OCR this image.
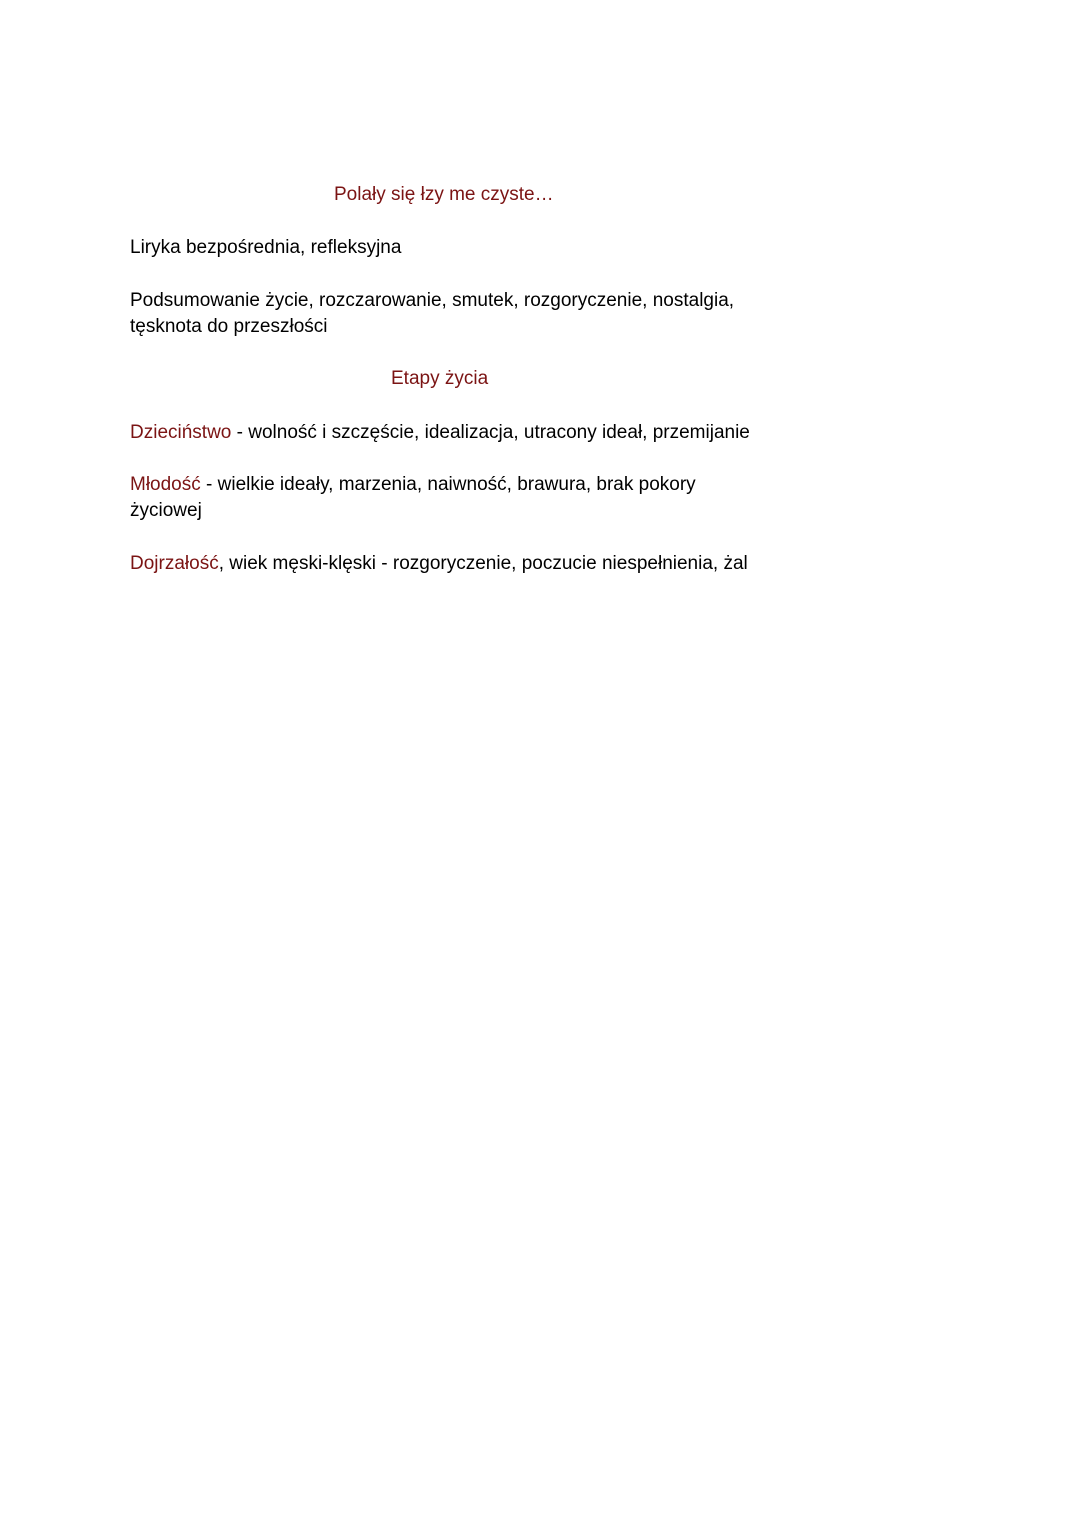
Polały się łzy me czyste…
Liryka bezpośrednia, refleksyjna
Podsumowanie życie, rozczarowanie, smutek, rozgoryczenie, nostalgia,
tęsknota do przeszłości
Etapy życia
Dzieciństwo - wolność i szczęście, idealizacja, utracony ideał, przemijanie
Młodość - wielkie ideały, marzenia, naiwność, brawura, brak pokory
życiowej
Dojrzałość, wiek męski-klęski - rozgoryczenie, poczucie niespełnienia, żal
